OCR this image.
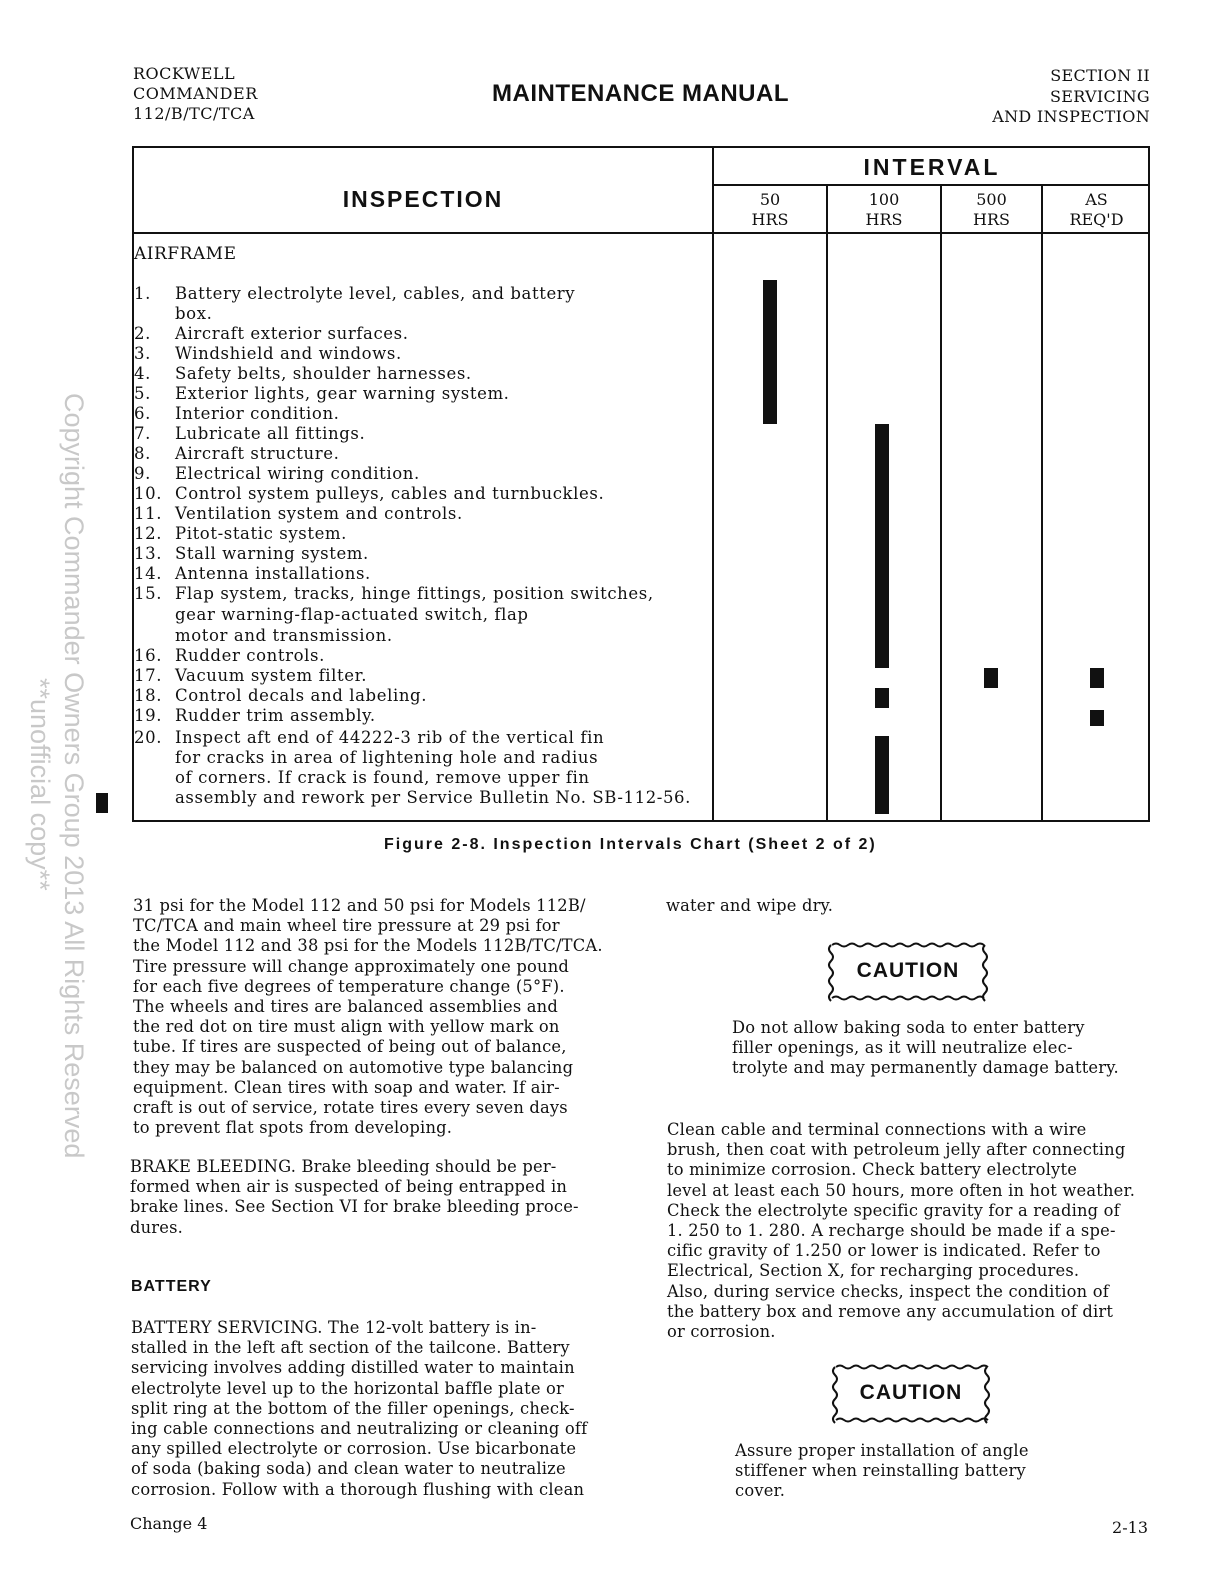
ROCKWELL
COMMANDER
112/B/TC/TCA
MAINTENANCE MANUAL
SECTION II
SERVICING
AND INSPECTION
Copyright Commander Owners Group 2013 All Rights Reserved
**unofficial copy**
INSPECTION
INTERVAL
50
HRS
100
HRS
500
HRS
AS
REQ'D
AIRFRAME
1. Battery electrolyte level, cables, and battery
box.
2. Aircraft exterior surfaces.
3. Windshield and windows.
4. Safety belts, shoulder harnesses.
5. Exterior lights, gear warning system.
6. Interior condition.
7. Lubricate all fittings.
8. Aircraft structure.
9. Electrical wiring condition.
10. Control system pulleys, cables and turnbuckles.
11. Ventilation system and controls.
12. Pitot-static system.
13. Stall warning system.
14. Antenna installations.
15. Flap system, tracks, hinge fittings, position switches,
gear warning-flap-actuated switch, flap
motor and transmission.
16. Rudder controls.
17. Vacuum system filter.
18. Control decals and labeling.
19. Rudder trim assembly.
20. Inspect aft end of 44222-3 rib of the vertical fin
for cracks in area of lightening hole and radius
of corners. If crack is found, remove upper fin
assembly and rework per Service Bulletin No. SB-112-56.
Figure 2-8. Inspection Intervals Chart (Sheet 2 of 2)
31 psi for the Model 112 and 50 psi for Models 112B/
TC/TCA and main wheel tire pressure at 29 psi for
the Model 112 and 38 psi for the Models 112B/TC/TCA.
Tire pressure will change approximately one pound
for each five degrees of temperature change (5°F).
The wheels and tires are balanced assemblies and
the red dot on tire must align with yellow mark on
tube. If tires are suspected of being out of balance,
they may be balanced on automotive type balancing
equipment. Clean tires with soap and water. If air-
craft is out of service, rotate tires every seven days
to prevent flat spots from developing.
BRAKE BLEEDING. Brake bleeding should be per-
formed when air is suspected of being entrapped in
brake lines. See Section VI for brake bleeding proce-
dures.
BATTERY
BATTERY SERVICING. The 12-volt battery is in-
stalled in the left aft section of the tailcone. Battery
servicing involves adding distilled water to maintain
electrolyte level up to the horizontal baffle plate or
split ring at the bottom of the filler openings, check-
ing cable connections and neutralizing or cleaning off
any spilled electrolyte or corrosion. Use bicarbonate
of soda (baking soda) and clean water to neutralize
corrosion. Follow with a thorough flushing with clean
water and wipe dry.
CAUTION
Do not allow baking soda to enter battery
filler openings, as it will neutralize elec-
trolyte and may permanently damage battery.
Clean cable and terminal connections with a wire
brush, then coat with petroleum jelly after connecting
to minimize corrosion. Check battery electrolyte
level at least each 50 hours, more often in hot weather.
Check the electrolyte specific gravity for a reading of
1. 250 to 1. 280. A recharge should be made if a spe-
cific gravity of 1.250 or lower is indicated. Refer to
Electrical, Section X, for recharging procedures.
Also, during service checks, inspect the condition of
the battery box and remove any accumulation of dirt
or corrosion.
CAUTION
Assure proper installation of angle
stiffener when reinstalling battery
cover.
Change 4	2-13
